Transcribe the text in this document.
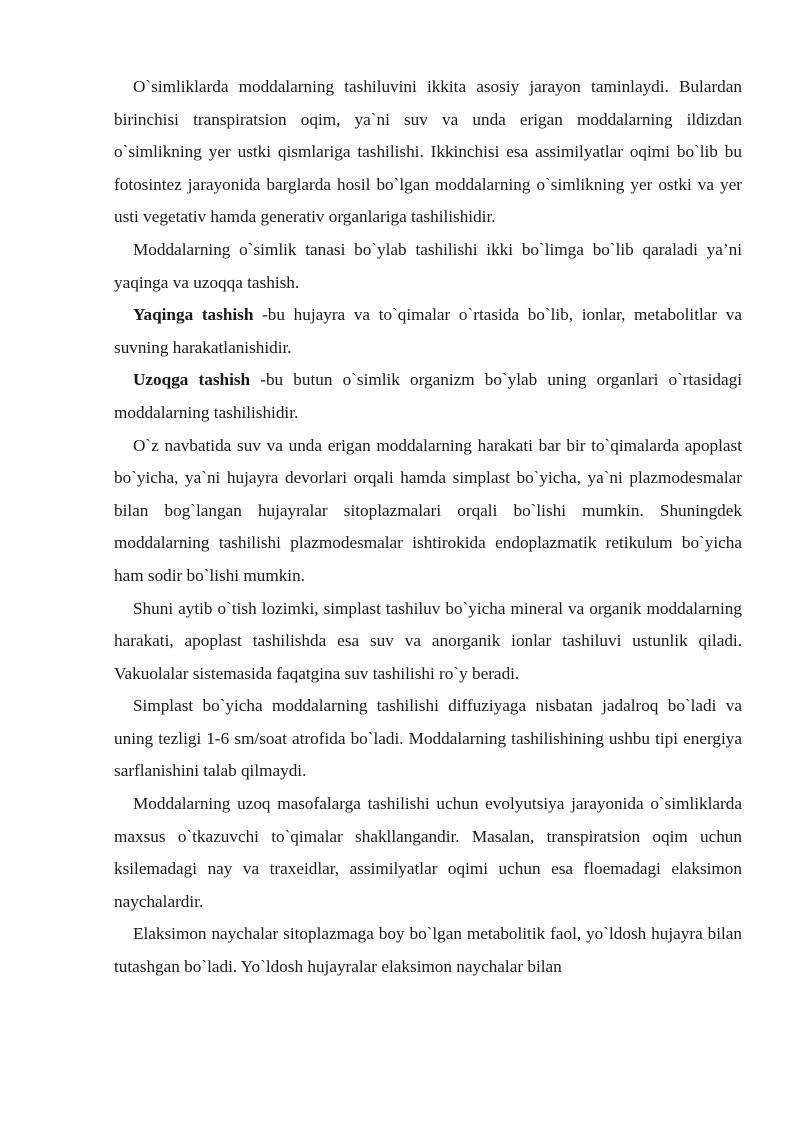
O`simliklarda moddalarning tashiluvini ikkita asosiy jarayon taminlaydi. Bulardan birinchisi transpiratsion oqim, ya`ni suv va unda erigan moddalarning ildizdan o`simlikning yer ustki qismlariga tashilishi. Ikkinchisi esa assimilyatlar oqimi bo`lib bu fotosintez jarayonida barglarda hosil bo`lgan moddalarning o`simlikning yer ostki va yer usti vegetativ hamda generativ organlariga tashilishidir.

Moddalarning o`simlik tanasi bo`ylab tashilishi ikki bo`limga bo`lib qaraladi ya’ni yaqinga va uzoqqa tashish.

Yaqinga tashish -bu hujayra va to`qimalar o`rtasida bo`lib, ionlar, metabolitlar va suvning harakatlanishidir.

Uzoqga tashish -bu butun o`simlik organizm bo`ylab uning organlari o`rtasidagi moddalarning tashilishidir.

O`z navbatida suv va unda erigan moddalarning harakati bar bir to`qimalarda apoplast bo`yicha, ya`ni hujayra devorlari orqali hamda simplast bo`yicha, ya`ni plazmodesmalar bilan bog`langan hujayralar sitoplazmalari orqali bo`lishi mumkin. Shuningdek moddalarning tashilishi plazmodesmalar ishtirokida endoplazmatik retikulum bo`yicha ham sodir bo`lishi mumkin.

Shuni aytib o`tish lozimki, simplast tashiluv bo`yicha mineral va organik moddalarning harakati, apoplast tashilishda esa suv va anorganik ionlar tashiluvi ustunlik qiladi. Vakuolalar sistemasida faqatgina suv tashilishi ro`y beradi.

Simplast bo`yicha moddalarning tashilishi diffuziyaga nisbatan jadalroq bo`ladi va uning tezligi 1-6 sm/soat atrofida bo`ladi. Moddalarning tashilishining ushbu tipi energiya sarflanishini talab qilmaydi.

Moddalarning uzoq masofalarga tashilishi uchun evolyutsiya jarayonida o`simliklarda maxsus o`tkazuvchi to`qimalar shakllangandir. Masalan, transpiratsion oqim uchun ksilemadagi nay va traxeidlar, assimilyatlar oqimi uchun esa floemadagi elaksimon naychalardir.

Elaksimon naychalar sitoplazmaga boy bo`lgan metabolitik faol, yo`ldosh hujayra bilan tutashgan bo`ladi. Yo`ldosh hujayralar elaksimon naychalar bilan
